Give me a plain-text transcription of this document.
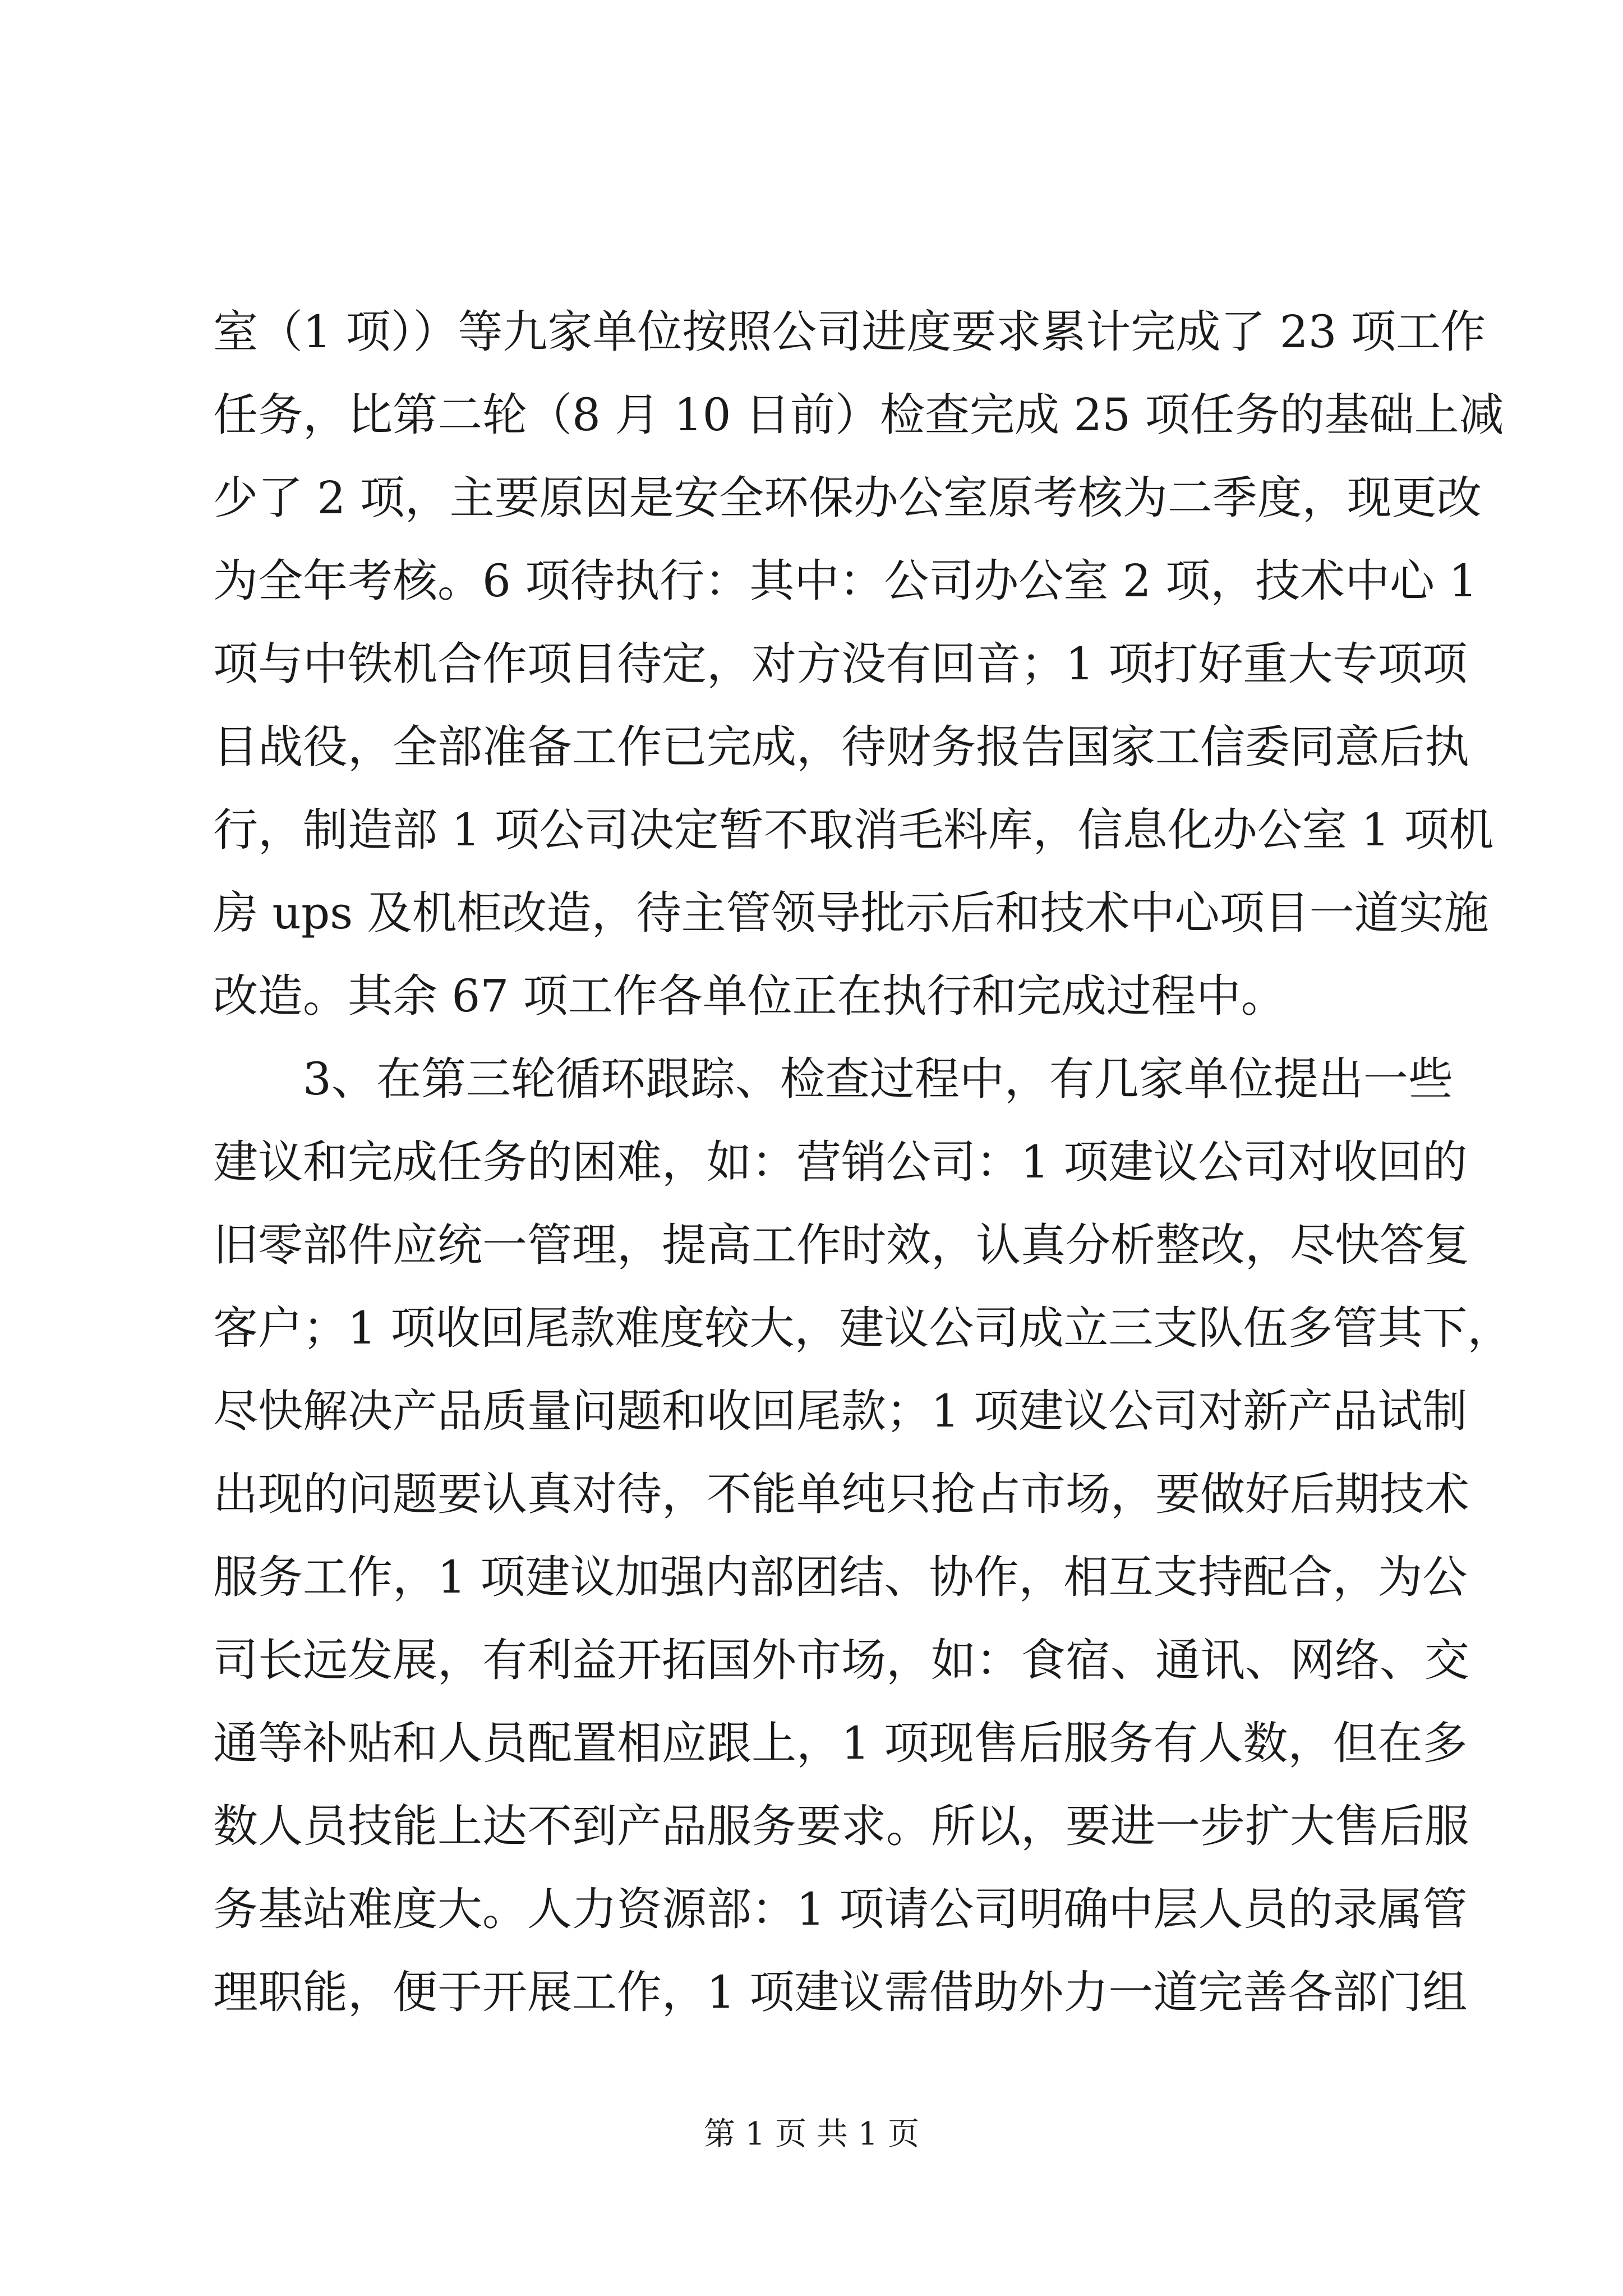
室（1 项））等九家单位按照公司进度要求累计完成了 23 项工作
任务，比第二轮（8 月 10 日前）检查完成 25 项任务的基础上减
少了 2 项，主要原因是安全环保办公室原考核为二季度，现更改
为全年考核。6 项待执行：其中：公司办公室 2 项，技术中心 1
项与中铁机合作项目待定，对方没有回音；1 项打好重大专项项
目战役，全部准备工作已完成，待财务报告国家工信委同意后执
行，制造部 1 项公司决定暂不取消毛料库，信息化办公室 1 项机
房 ups 及机柜改造，待主管领导批示后和技术中心项目一道实施
改造。其余 67 项工作各单位正在执行和完成过程中。
3、在第三轮循环跟踪、检查过程中，有几家单位提出一些
建议和完成任务的困难，如：营销公司：1 项建议公司对收回的
旧零部件应统一管理，提高工作时效，认真分析整改，尽快答复
客户；1 项收回尾款难度较大，建议公司成立三支队伍多管其下，
尽快解决产品质量问题和收回尾款；1 项建议公司对新产品试制
出现的问题要认真对待，不能单纯只抢占市场，要做好后期技术
服务工作，1 项建议加强内部团结、协作，相互支持配合，为公
司长远发展，有利益开拓国外市场，如：食宿、通讯、网络、交
通等补贴和人员配置相应跟上，1 项现售后服务有人数，但在多
数人员技能上达不到产品服务要求。所以，要进一步扩大售后服
务基站难度大。人力资源部：1 项请公司明确中层人员的录属管
理职能，便于开展工作，1 项建议需借助外力一道完善各部门组
第 1 页 共 1 页
